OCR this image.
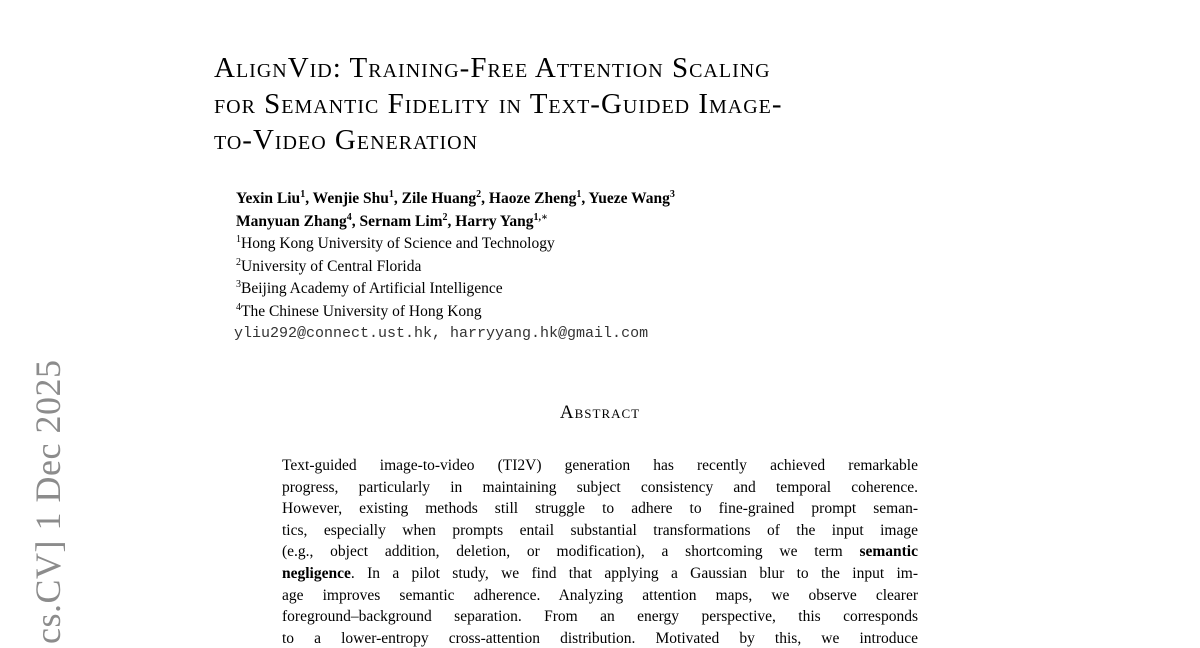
cs.CV] 1 Dec 2025
AlignVid: Training-Free Attention Scaling
for Semantic Fidelity in Text-Guided Image-
to-Video Generation
Yexin Liu$^1$, Wenjie Shu$^1$, Zile Huang$^2$, Haoze Zheng$^1$, Yueze Wang$^3$
Manyuan Zhang$^4$, Sernam Lim$^2$, Harry Yang$^{1,∗}$
$^1$Hong Kong University of Science and Technology
$^2$University of Central Florida
$^3$Beijing Academy of Artificial Intelligence
$^4$The Chinese University of Hong Kong
yliu292@connect.ust.hk, harryyang.hk@gmail.com
Abstract
Text-guided image-to-video (TI2V) generation has recently achieved remarkable
progress, particularly in maintaining subject consistency and temporal coherence.
However, existing methods still struggle to adhere to fine-grained prompt seman-
tics, especially when prompts entail substantial transformations of the input image
(e.g., object addition, deletion, or modification), a shortcoming we term semantic
negligence. In a pilot study, we find that applying a Gaussian blur to the input im-
age improves semantic adherence. Analyzing attention maps, we observe clearer
foreground–background separation. From an energy perspective, this corresponds
to a lower-entropy cross-attention distribution. Motivated by this, we introduce
